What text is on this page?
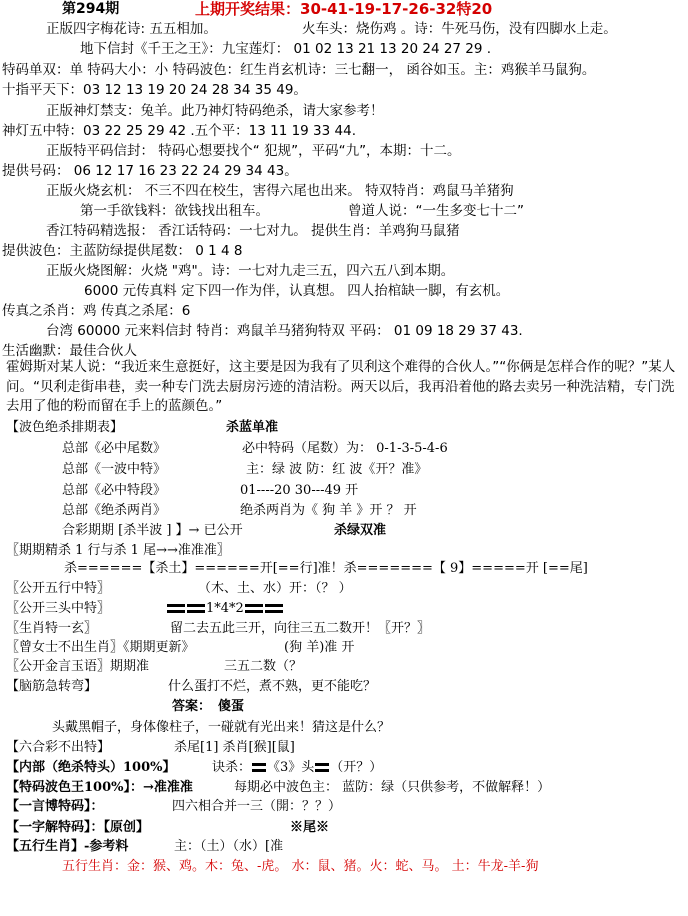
第294期	上期开奖结果：30-41-19-17-26-32特20
正版四字梅花诗: 五五相加。	火车头：烧伤鸡 。诗：牛死马伤，没有四脚水上走。
地下信封《千王之王》：九宝莲灯： 01 02 13 21 13 20 24 27 29 .
特码单双：单 特码大小：小 特码波色：红生肖玄机诗：三七翻一， 函谷如玉。主：鸡猴羊马鼠狗。
十指平天下：03 12 13 19 20 24 28 34 35 49。
正版神灯禁支：兔羊。此乃神灯特码绝杀，请大家参考！
神灯五中特：03 22 25 29 42 .五个平：13 11 19 33 44.
正版特平码信封： 特码心想要找个“ 犯规”，平码“九”，本期：十二。
提供号码： 06 12 17 16 23 22 24 29 34 43。
正版火烧玄机： 不三不四在校生，害得六尾也出来。 特双特肖：鸡鼠马羊猪狗
第一手欲钱料：欲钱找出租车。	曾道人说：“一生多变七十二”
香江特码精选报： 香江话特码：一七对九。 提供生肖：羊鸡狗马鼠猪
提供波色：主蓝防绿提供尾数： 0 1 4 8
正版火烧图解：火烧 "鸡"。诗：一七对九走三五，四六五八到本期。
6000 元传真料 定下四一作为伴，认真想。 四人抬棺缺一脚，有玄机。
传真之杀肖：鸡 传真之杀尾：6
台湾 60000 元来料信封 特肖：鸡鼠羊马猪狗特双 平码： 01 09 18 29 37 43.
生活幽默：最佳合伙人
霍姆斯对某人说：“我近来生意挺好，这主要是因为我有了贝利这个难得的合伙人。”“你俩是怎样合作的呢？”某人问。“贝利走街串巷，卖一种专门洗去厨房污迹的清洁粉。两天以后，我再沿着他的路去卖另一种洗洁精，专门洗去用了他的粉而留在手上的蓝颜色。”
【波色绝杀排期表】	杀蓝单准
总部《必中尾数》	必中特码（尾数）为： 0-1-3-5-4-6
总部《一波中特》	主：绿 波 防：红 波《开？准》
总部《必中特段》	01----20 30---49 开
总部《绝杀两肖》	绝杀两肖为《 狗 羊 》开 ？ 开
合彩期期 [杀半波 ] 】→ 已公开	杀绿双准
〖期期精杀 1 行与杀 1 尾→→准准准〗
杀======【杀土】======开[==行]准！杀=======【 9】=====开 [==尾]
〖公开五行中特〗	（木、土、水）开：（？ ）
〖公开三头中特〗	1*4*2
〖生肖特一玄〗	留二去五此三开，向往三五二数开！〖开？〗
〖曾女士不出生肖〗《期期更新》	(狗 羊)准 开
〖公开金言玉语〗期期准	三五二数（？
【脑筋急转弯】	什么蛋打不烂，煮不熟，更不能吃？
答案： 傻蛋
头戴黑帽子，身体像柱子，一碰就有光出来！猜这是什么？
【六合彩不出特】	杀尾[1] 杀肖[猴][鼠]
【内部（绝杀特头）100%】	诀杀： 《3》头 （开？）
【特码波色王100%】：→准准准	每期必中波色主： 蓝防：绿（只供参考，不做解释！）
【一言博特码】：	四六相合并一三（開：？？）
【一字解特码】：【原创】	※尾※
【五行生肖】-参考料	主：（土）（水）[准
五行生肖：金：猴、鸡。木：兔、-虎。 水：鼠、猪。火：蛇、马。 土：牛龙-羊-狗
